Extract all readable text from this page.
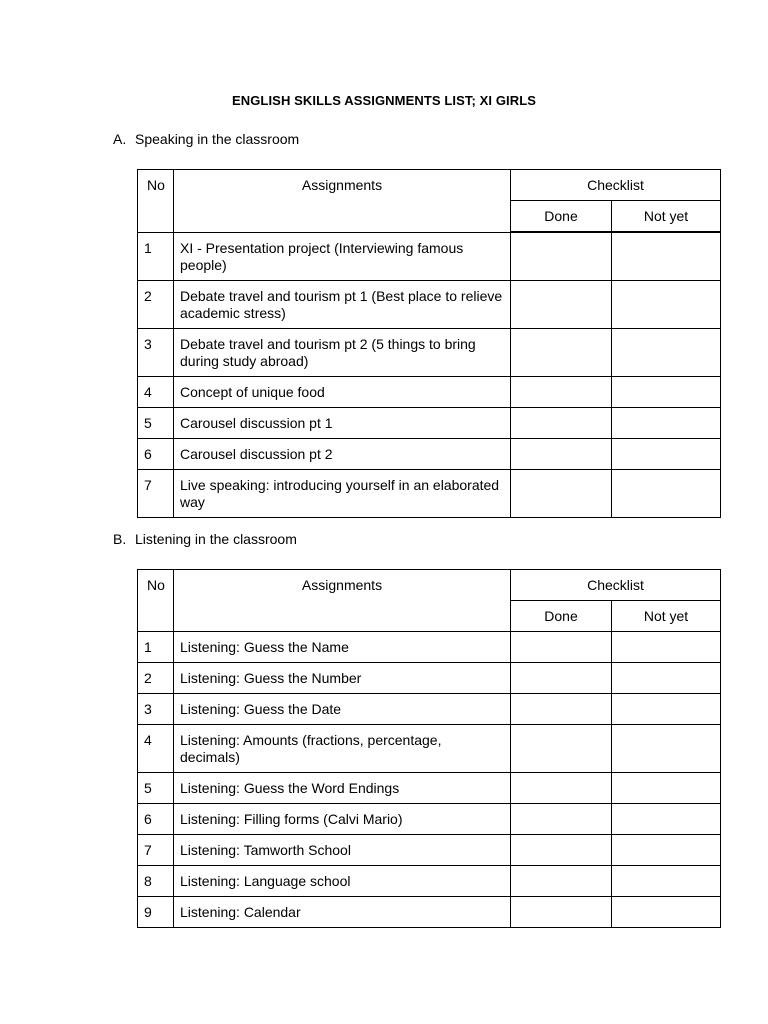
ENGLISH SKILLS ASSIGNMENTS LIST; XI GIRLS
A. Speaking in the classroom
No	Assignments	Checklist	
		Done	Not yet
1	XI - Presentation project (Interviewing famous people)		
2	Debate travel and tourism pt 1 (Best place to relieve academic stress)		
3	Debate travel and tourism pt 2 (5 things to bring during study abroad)		
4	Concept of unique food		
5	Carousel discussion pt 1		
6	Carousel discussion pt 2		
7	Live speaking: introducing yourself in an elaborated way		
B. Listening in the classroom
No	Assignments	Checklist	
		Done	Not yet
1	Listening: Guess the Name		
2	Listening: Guess the Number		
3	Listening: Guess the Date		
4	Listening: Amounts (fractions, percentage, decimals)		
5	Listening: Guess the Word Endings		
6	Listening: Filling forms (Calvi Mario)		
7	Listening: Tamworth School		
8	Listening: Language school		
9	Listening: Calendar		
